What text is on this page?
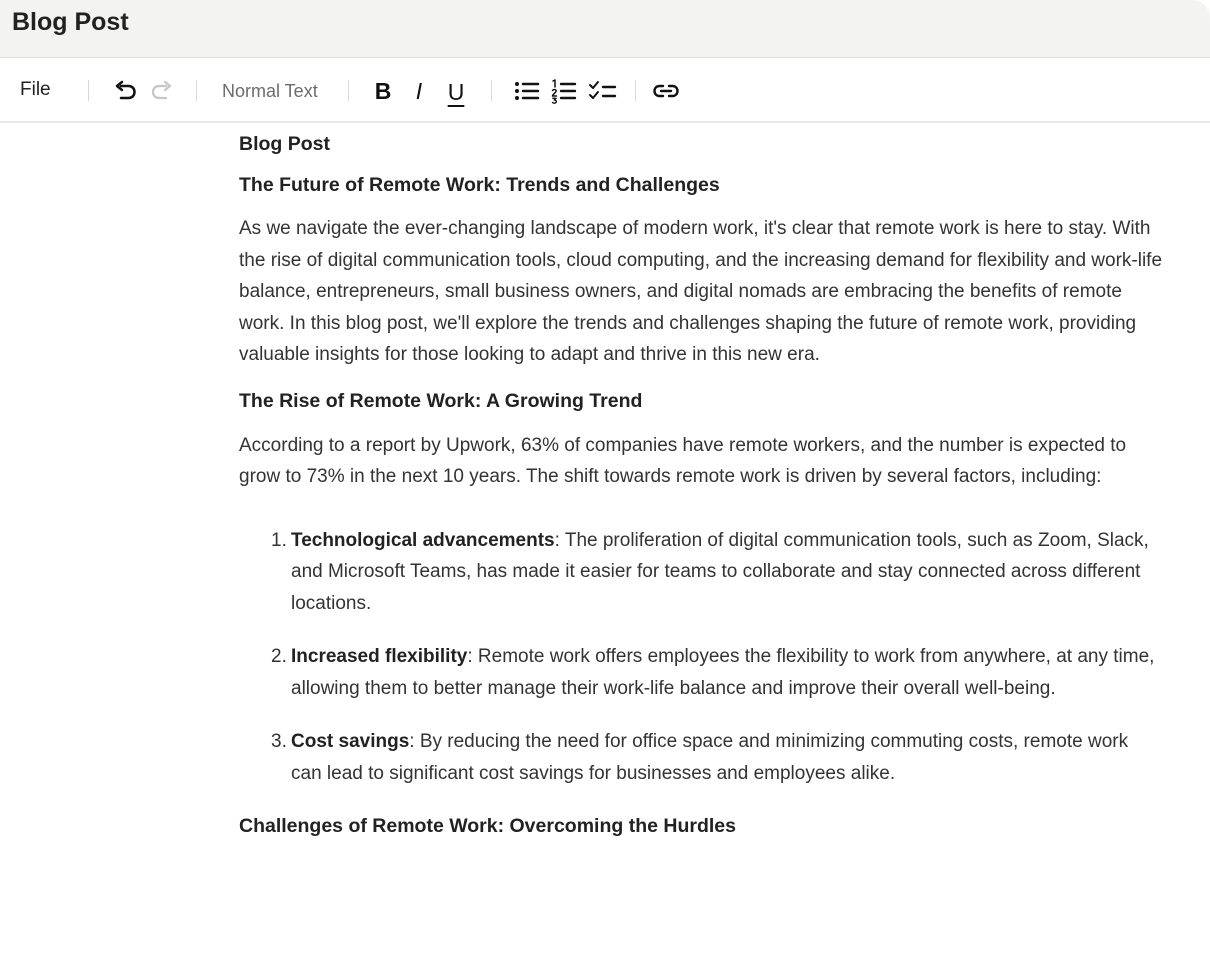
Blog Post
File	Normal Text B I U
Blog Post
The Future of Remote Work: Trends and Challenges

As we navigate the ever-changing landscape of modern work, it's clear that remote work is here to stay. With the rise of digital communication tools, cloud computing, and the increasing demand for flexibility and work-life balance, entrepreneurs, small business owners, and digital nomads are embracing the benefits of remote work. In this blog post, we'll explore the trends and challenges shaping the future of remote work, providing valuable insights for those looking to adapt and thrive in this new era.

The Rise of Remote Work: A Growing Trend

According to a report by Upwork, 63% of companies have remote workers, and the number is expected to grow to 73% in the next 10 years. The shift towards remote work is driven by several factors, including:

1. Technological advancements: The proliferation of digital communication tools, such as Zoom, Slack, and Microsoft Teams, has made it easier for teams to collaborate and stay connected across different locations.
2. Increased flexibility: Remote work offers employees the flexibility to work from anywhere, at any time, allowing them to better manage their work-life balance and improve their overall well-being.
3. Cost savings: By reducing the need for office space and minimizing commuting costs, remote work can lead to significant cost savings for businesses and employees alike.
Challenges of Remote Work: Overcoming the Hurdles
